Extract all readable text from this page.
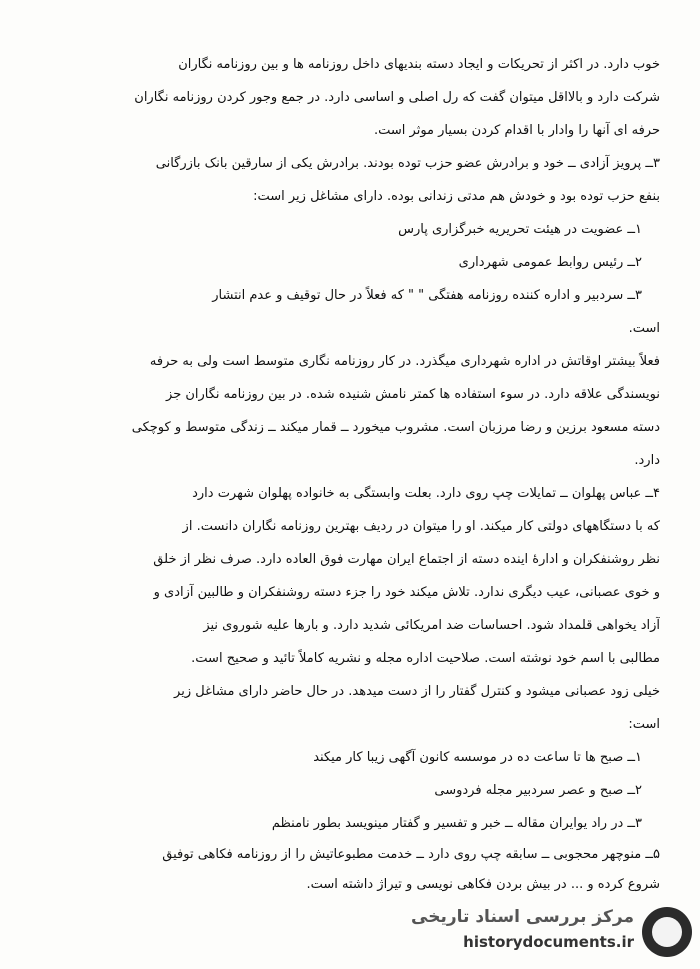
خوب دارد. در اکثر از تحریکات و ایجاد دسته بندیهای داخل روزنامه ها و بین روزنامه نگاران
شرکت دارد و بالااقل میتوان گفت که رل اصلی و اساسی دارد. در جمع وجور کردن روزنامه نگاران
حرفه ای آنها را وادار با اقدام کردن بسیار موثر است.
۳ــ پرویز آزادی ــ خود و برادرش عضو حزب توده بودند. برادرش یکی از سارقین بانک بازرگانی
بنفع حزب توده بود و خودش هم مدتی زندانی بوده. دارای مشاغل زیر است:
۱ــ عضویت در هیئت تحریریه خبرگزاری پارس
۲ــ رئیس روابط عمومی شهرداری
۳ــ سردبیر و اداره کننده روزنامه هفتگی " " که فعلاً در حال توقیف و عدم انتشار
است.
فعلاً بیشتر اوقاتش در اداره شهرداری میگذرد. در کار روزنامه نگاری متوسط است ولی به حرفه
نویسندگی علاقه دارد. در سوء استفاده ها کمتر نامش شنیده شده. در بین روزنامه نگاران جز
دسته مسعود برزین و رضا مرزبان است. مشروب میخورد ــ قمار میکند ــ زندگی متوسط و کوچکی
دارد.
۴ــ عباس پهلوان ــ تمایلات چپ روی دارد. بعلت وابستگی به خانواده پهلوان شهرت دارد
که با دستگاههای دولتی کار میکند. او را میتوان در ردیف بهترین روزنامه نگاران دانست. از
نظر روشنفکران و ادارهٔ اینده دسته از اجتماع ایران مهارت فوق العاده دارد. صرف نظر از خلق
و خوی عصبانی، عیب دیگری ندارد. تلاش میکند خود را جزء دسته روشنفکران و طالبین آزادی و
آزاد یخواهی قلمداد شود. احساسات ضد امریکائی شدید دارد. و بارها علیه شوروی نیز
مطالبی با اسم خود نوشته است. صلاحیت اداره مجله و نشریه کاملاً تائید و صحیح است.
خیلی زود عصبانی میشود و کنترل گفتار را از دست میدهد. در حال حاضر دارای مشاغل زیر
است:
۱ــ صبح ها تا ساعت ده در موسسه کانون آگهی زیبا کار میکند
۲ــ صبح و عصر سردبیر مجله فردوسی
۳ــ در راد یوایران مقاله ــ خبر و تفسیر و گفتار مینویسد بطور نامنظم
۵ــ منوچهر محجوبی ــ سابقه چپ روی دارد ــ خدمت مطبوعاتیش را از روزنامه فکاهی توفیق
شروع کرده و ... در بیش بردن فکاهی نویسی و تیراژ داشته است.
مرکز بررسی اسناد تاریخی
historydocuments.ir
